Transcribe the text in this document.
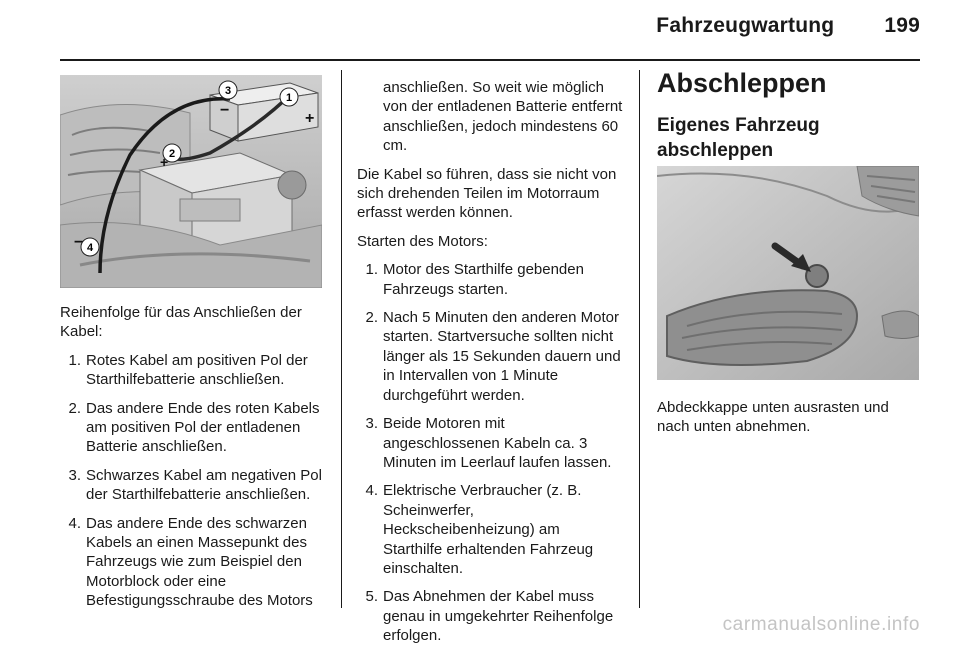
Fahrzeugwartung 199
1
2
3
4
+
−
+
−

Reihenfolge für das Anschließen der Kabel:

1. Rotes Kabel am positiven Pol der Starthilfebatterie anschließen.
2. Das andere Ende des roten Kabels am positiven Pol der entladenen Batterie anschließen.
3. Schwarzes Kabel am negativen Pol der Starthilfebatterie anschließen.
4. Das andere Ende des schwarzen Kabels an einen Massepunkt des Fahrzeugs wie zum Beispiel den Motorblock oder eine Befestigungsschraube des Motors
anschließen. So weit wie möglich von der entladenen Batterie entfernt anschließen, jedoch mindestens 60 cm.

Die Kabel so führen, dass sie nicht von sich drehenden Teilen im Motorraum erfasst werden können.

Starten des Motors:

1. Motor des Starthilfe gebenden Fahrzeugs starten.
2. Nach 5 Minuten den anderen Motor starten. Startversuche sollten nicht länger als 15 Sekunden dauern und in Intervallen von 1 Minute durchgeführt werden.
3. Beide Motoren mit angeschlossenen Kabeln ca. 3 Minuten im Leerlauf laufen lassen.
4. Elektrische Verbraucher (z. B. Scheinwerfer, Heckscheibenheizung) am Starthilfe erhaltenden Fahrzeug einschalten.
5. Das Abnehmen der Kabel muss genau in umgekehrter Reihenfolge erfolgen.
Abschleppen
Eigenes Fahrzeug abschleppen

Abdeckkappe unten ausrasten und nach unten abnehmen.

carmanualsonline.info
